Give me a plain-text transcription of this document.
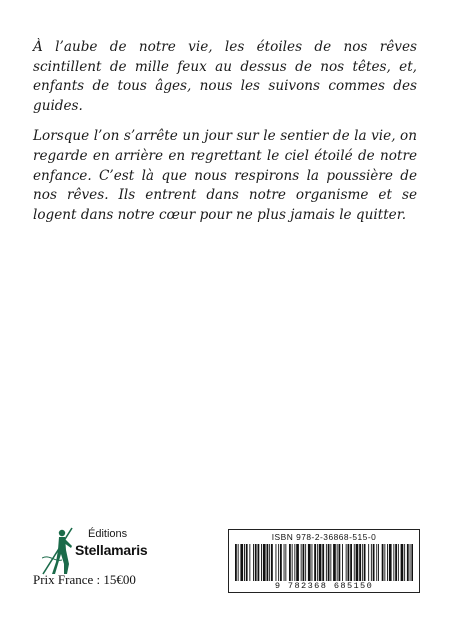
À l’aube de notre vie, les étoiles de nos rêves scintillent de mille feux au dessus de nos têtes, et, enfants de tous âges, nous les suivons commes des guides.

Lorsque l’on s’arrête un jour sur le sentier de la vie, on regarde en arrière en regrettant le ciel étoilé de notre enfance. C’est là que nous respirons la poussière de nos rêves. Ils entrent dans notre organisme et se logent dans notre cœur pour ne plus jamais le quitter.

Éditions
Stellamaris
Prix France : 15€00
ISBN 978-2-36868-515-0
9 782368 685150
